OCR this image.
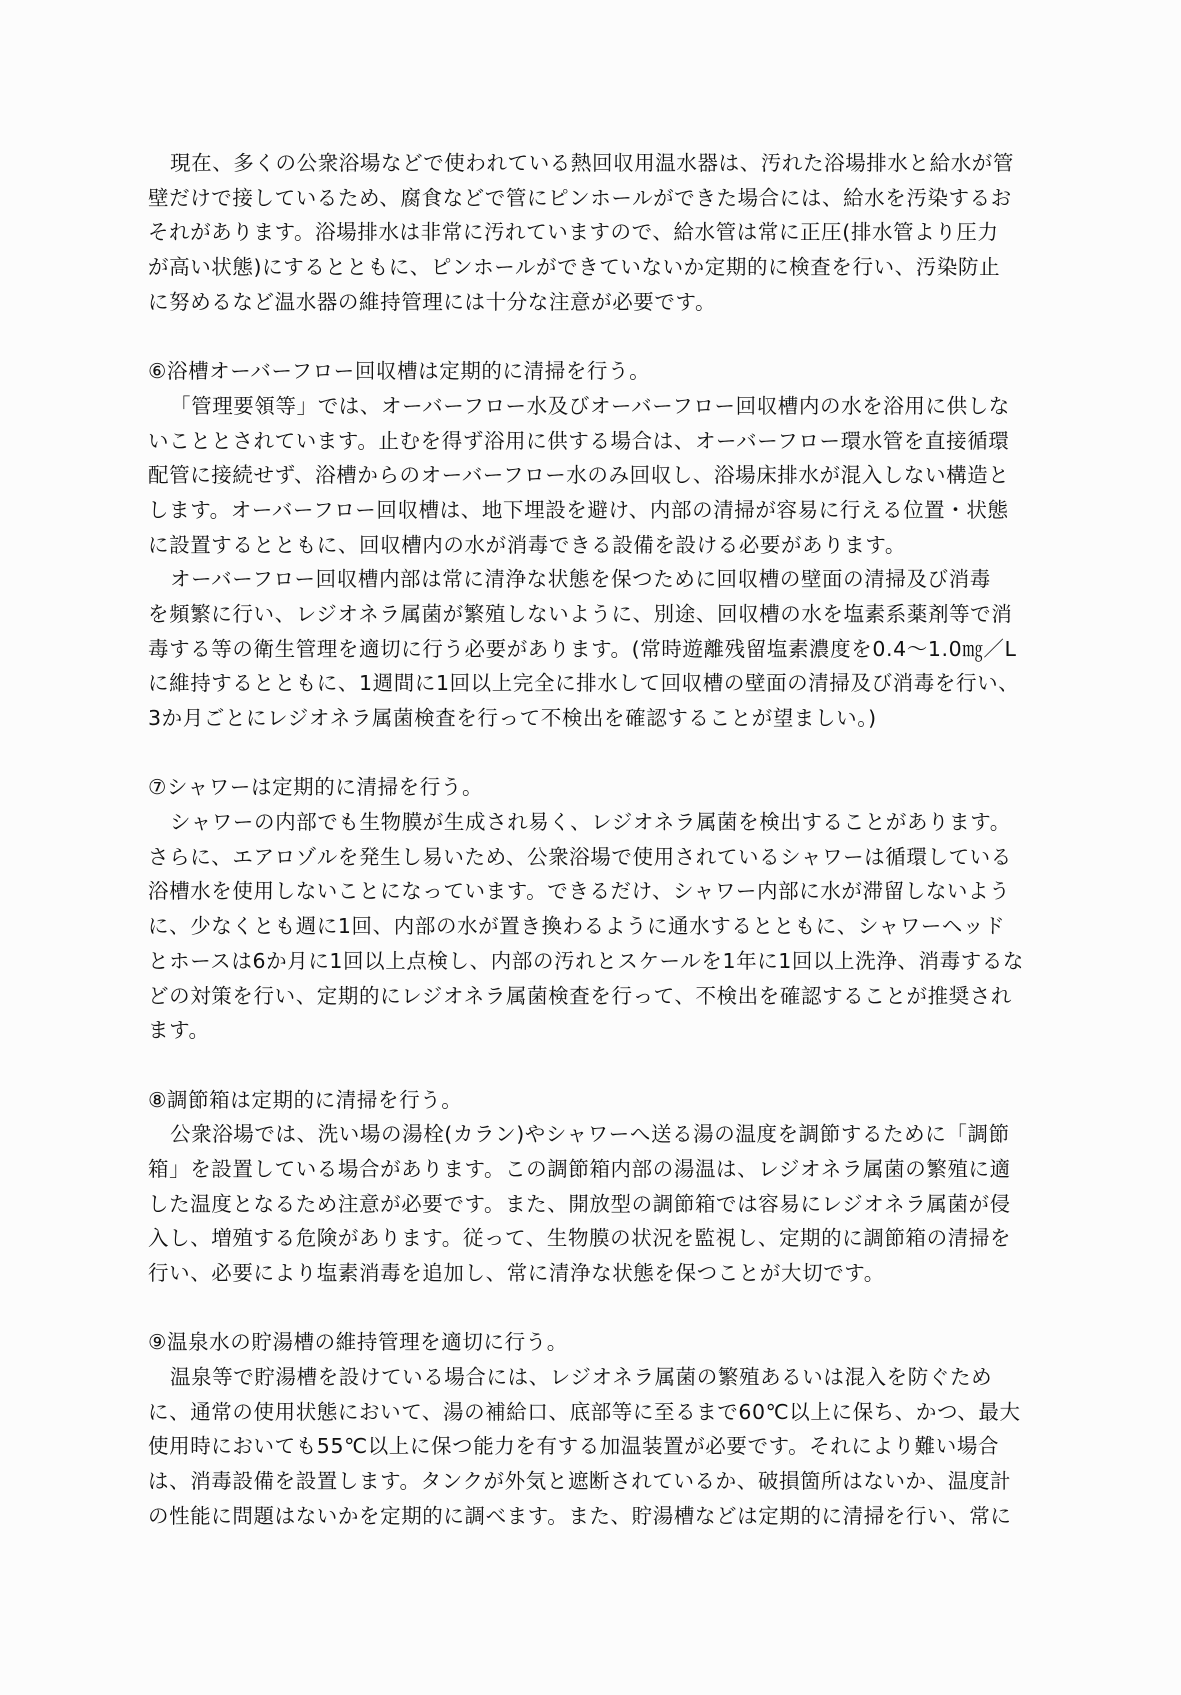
現在、多くの公衆浴場などで使われている熱回収用温水器は、汚れた浴場排水と給水が管
壁だけで接しているため、腐食などで管にピンホールができた場合には、給水を汚染するお
それがあります。浴場排水は非常に汚れていますので、給水管は常に正圧(排水管より圧力
が高い状態)にするとともに、ピンホールができていないか定期的に検査を行い、汚染防止
に努めるなど温水器の維持管理には十分な注意が必要です。
⑥浴槽オーバーフロー回収槽は定期的に清掃を行う。
「管理要領等」では、オーバーフロー水及びオーバーフロー回収槽内の水を浴用に供しな
いこととされています。止むを得ず浴用に供する場合は、オーバーフロー環水管を直接循環
配管に接続せず、浴槽からのオーバーフロー水のみ回収し、浴場床排水が混入しない構造と
します。オーバーフロー回収槽は、地下埋設を避け、内部の清掃が容易に行える位置・状態
に設置するとともに、回収槽内の水が消毒できる設備を設ける必要があります。
オーバーフロー回収槽内部は常に清浄な状態を保つために回収槽の壁面の清掃及び消毒
を頻繁に行い、レジオネラ属菌が繁殖しないように、別途、回収槽の水を塩素系薬剤等で消
毒する等の衛生管理を適切に行う必要があります。(常時遊離残留塩素濃度を0.4～1.0㎎／L
に維持するとともに、1週間に1回以上完全に排水して回収槽の壁面の清掃及び消毒を行い、
3か月ごとにレジオネラ属菌検査を行って不検出を確認することが望ましい。)
⑦シャワーは定期的に清掃を行う。
シャワーの内部でも生物膜が生成され易く、レジオネラ属菌を検出することがあります。
さらに、エアロゾルを発生し易いため、公衆浴場で使用されているシャワーは循環している
浴槽水を使用しないことになっています。できるだけ、シャワー内部に水が滞留しないよう
に、少なくとも週に1回、内部の水が置き換わるように通水するとともに、シャワーヘッド
とホースは6か月に1回以上点検し、内部の汚れとスケールを1年に1回以上洗浄、消毒するな
どの対策を行い、定期的にレジオネラ属菌検査を行って、不検出を確認することが推奨され
ます。
⑧調節箱は定期的に清掃を行う。
公衆浴場では、洗い場の湯栓(カラン)やシャワーへ送る湯の温度を調節するために「調節
箱」を設置している場合があります。この調節箱内部の湯温は、レジオネラ属菌の繁殖に適
した温度となるため注意が必要です。また、開放型の調節箱では容易にレジオネラ属菌が侵
入し、増殖する危険があります。従って、生物膜の状況を監視し、定期的に調節箱の清掃を
行い、必要により塩素消毒を追加し、常に清浄な状態を保つことが大切です。
⑨温泉水の貯湯槽の維持管理を適切に行う。
温泉等で貯湯槽を設けている場合には、レジオネラ属菌の繁殖あるいは混入を防ぐため
に、通常の使用状態において、湯の補給口、底部等に至るまで60℃以上に保ち、かつ、最大
使用時においても55℃以上に保つ能力を有する加温装置が必要です。それにより難い場合
は、消毒設備を設置します。タンクが外気と遮断されているか、破損箇所はないか、温度計
の性能に問題はないかを定期的に調べます。また、貯湯槽などは定期的に清掃を行い、常に
